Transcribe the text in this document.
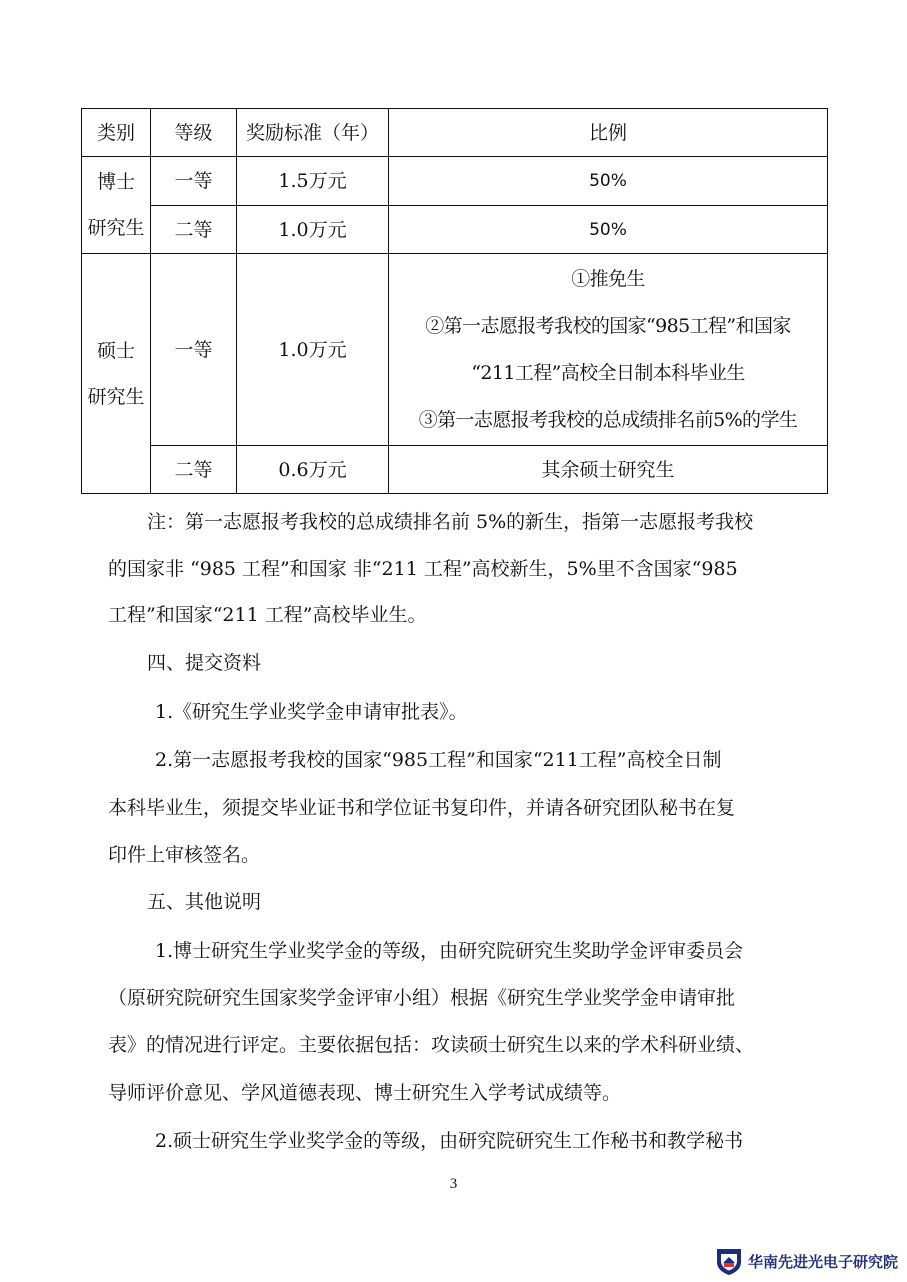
类别	等级	奖励标准（年）	比例

博士
研究生	一等	1.5万元	50%
	二等	1.0万元	50%

硕士
研究生	一等	1.0万元	①推免生
②第一志愿报考我校的国家“985工程”和国家
“211工程”高校全日制本科毕业生
③第一志愿报考我校的总成绩排名前5%的学生

	二等	0.6万元	其余硕士研究生
注：第一志愿报考我校的总成绩排名前 5%的新生，指第一志愿报考我校
的国家非 “985 工程”和国家 非“211 工程”高校新生，5%里不含国家“985
工程”和国家“211 工程”高校毕业生。
四、提交资料
1.《研究生学业奖学金申请审批表》。
2.第一志愿报考我校的国家“985工程”和国家“211工程”高校全日制
本科毕业生，须提交毕业证书和学位证书复印件，并请各研究团队秘书在复
印件上审核签名。
五、其他说明
1.博士研究生学业奖学金的等级，由研究院研究生奖助学金评审委员会
（原研究院研究生国家奖学金评审小组）根据《研究生学业奖学金申请审批
表》的情况进行评定。主要依据包括：攻读硕士研究生以来的学术科研业绩、
导师评价意见、学风道德表现、博士研究生入学考试成绩等。
2.硕士研究生学业奖学金的等级，由研究院研究生工作秘书和教学秘书
3
华南先进光电子研究院
